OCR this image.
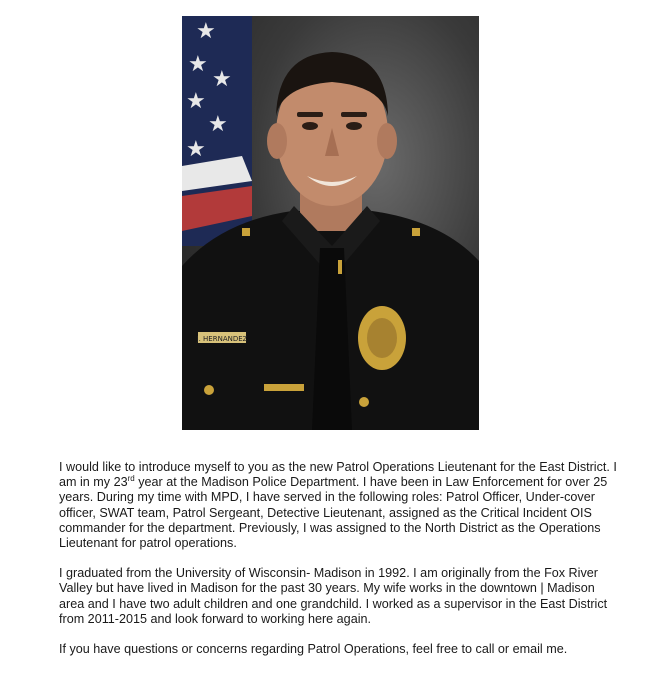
★
★
★
★
★
★
J. HERNANDEZ

I would like to introduce myself to you as the new Patrol Operations Lieutenant for the East District. I am in my 23rd year at the Madison Police Department. I have been in Law Enforcement for over 25 years. During my time with MPD, I have served in the following roles: Patrol Officer, Under-cover officer, SWAT team, Patrol Sergeant, Detective Lieutenant, assigned as the Critical Incident OIS commander for the department. Previously, I was assigned to the North District as the Operations Lieutenant for patrol operations.

I graduated from the University of Wisconsin- Madison in 1992. I am originally from the Fox River Valley but have lived in Madison for the past 30 years. My wife works in the downtown | Madison area and I have two adult children and one grandchild. I worked as a supervisor in the East District from 2011-2015 and look forward to working here again.

If you have questions or concerns regarding Patrol Operations, feel free to call or email me.
